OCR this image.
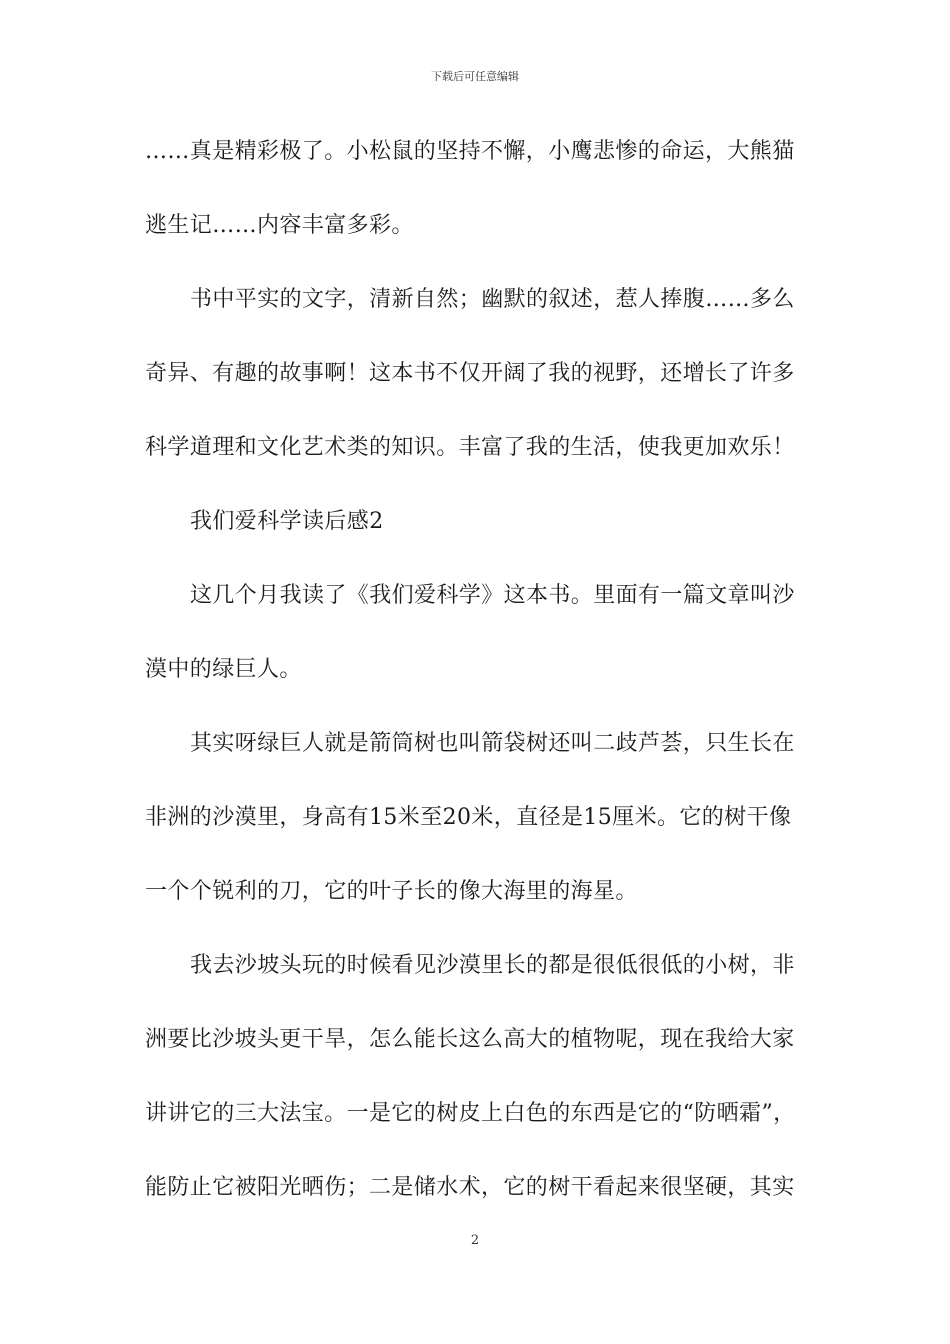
下载后可任意编辑
……真是精彩极了。小松鼠的坚持不懈，小鹰悲惨的命运，大熊猫
逃生记……内容丰富多彩。
书中平实的文字，清新自然；幽默的叙述，惹人捧腹……多么
奇异、有趣的故事啊！这本书不仅开阔了我的视野，还增长了许多
科学道理和文化艺术类的知识。丰富了我的生活，使我更加欢乐！
我们爱科学读后感2
这几个月我读了《我们爱科学》这本书。里面有一篇文章叫沙
漠中的绿巨人。
其实呀绿巨人就是箭筒树也叫箭袋树还叫二歧芦荟，只生长在
非洲的沙漠里，身高有15米至20米，直径是15厘米。它的树干像
一个个锐利的刀，它的叶子长的像大海里的海星。
我去沙坡头玩的时候看见沙漠里长的都是很低很低的小树，非
洲要比沙坡头更干旱，怎么能长这么高大的植物呢，现在我给大家
讲讲它的三大法宝。一是它的树皮上白色的东西是它的“防晒霜”，
能防止它被阳光晒伤；二是储水术，它的树干看起来很坚硬，其实
2
